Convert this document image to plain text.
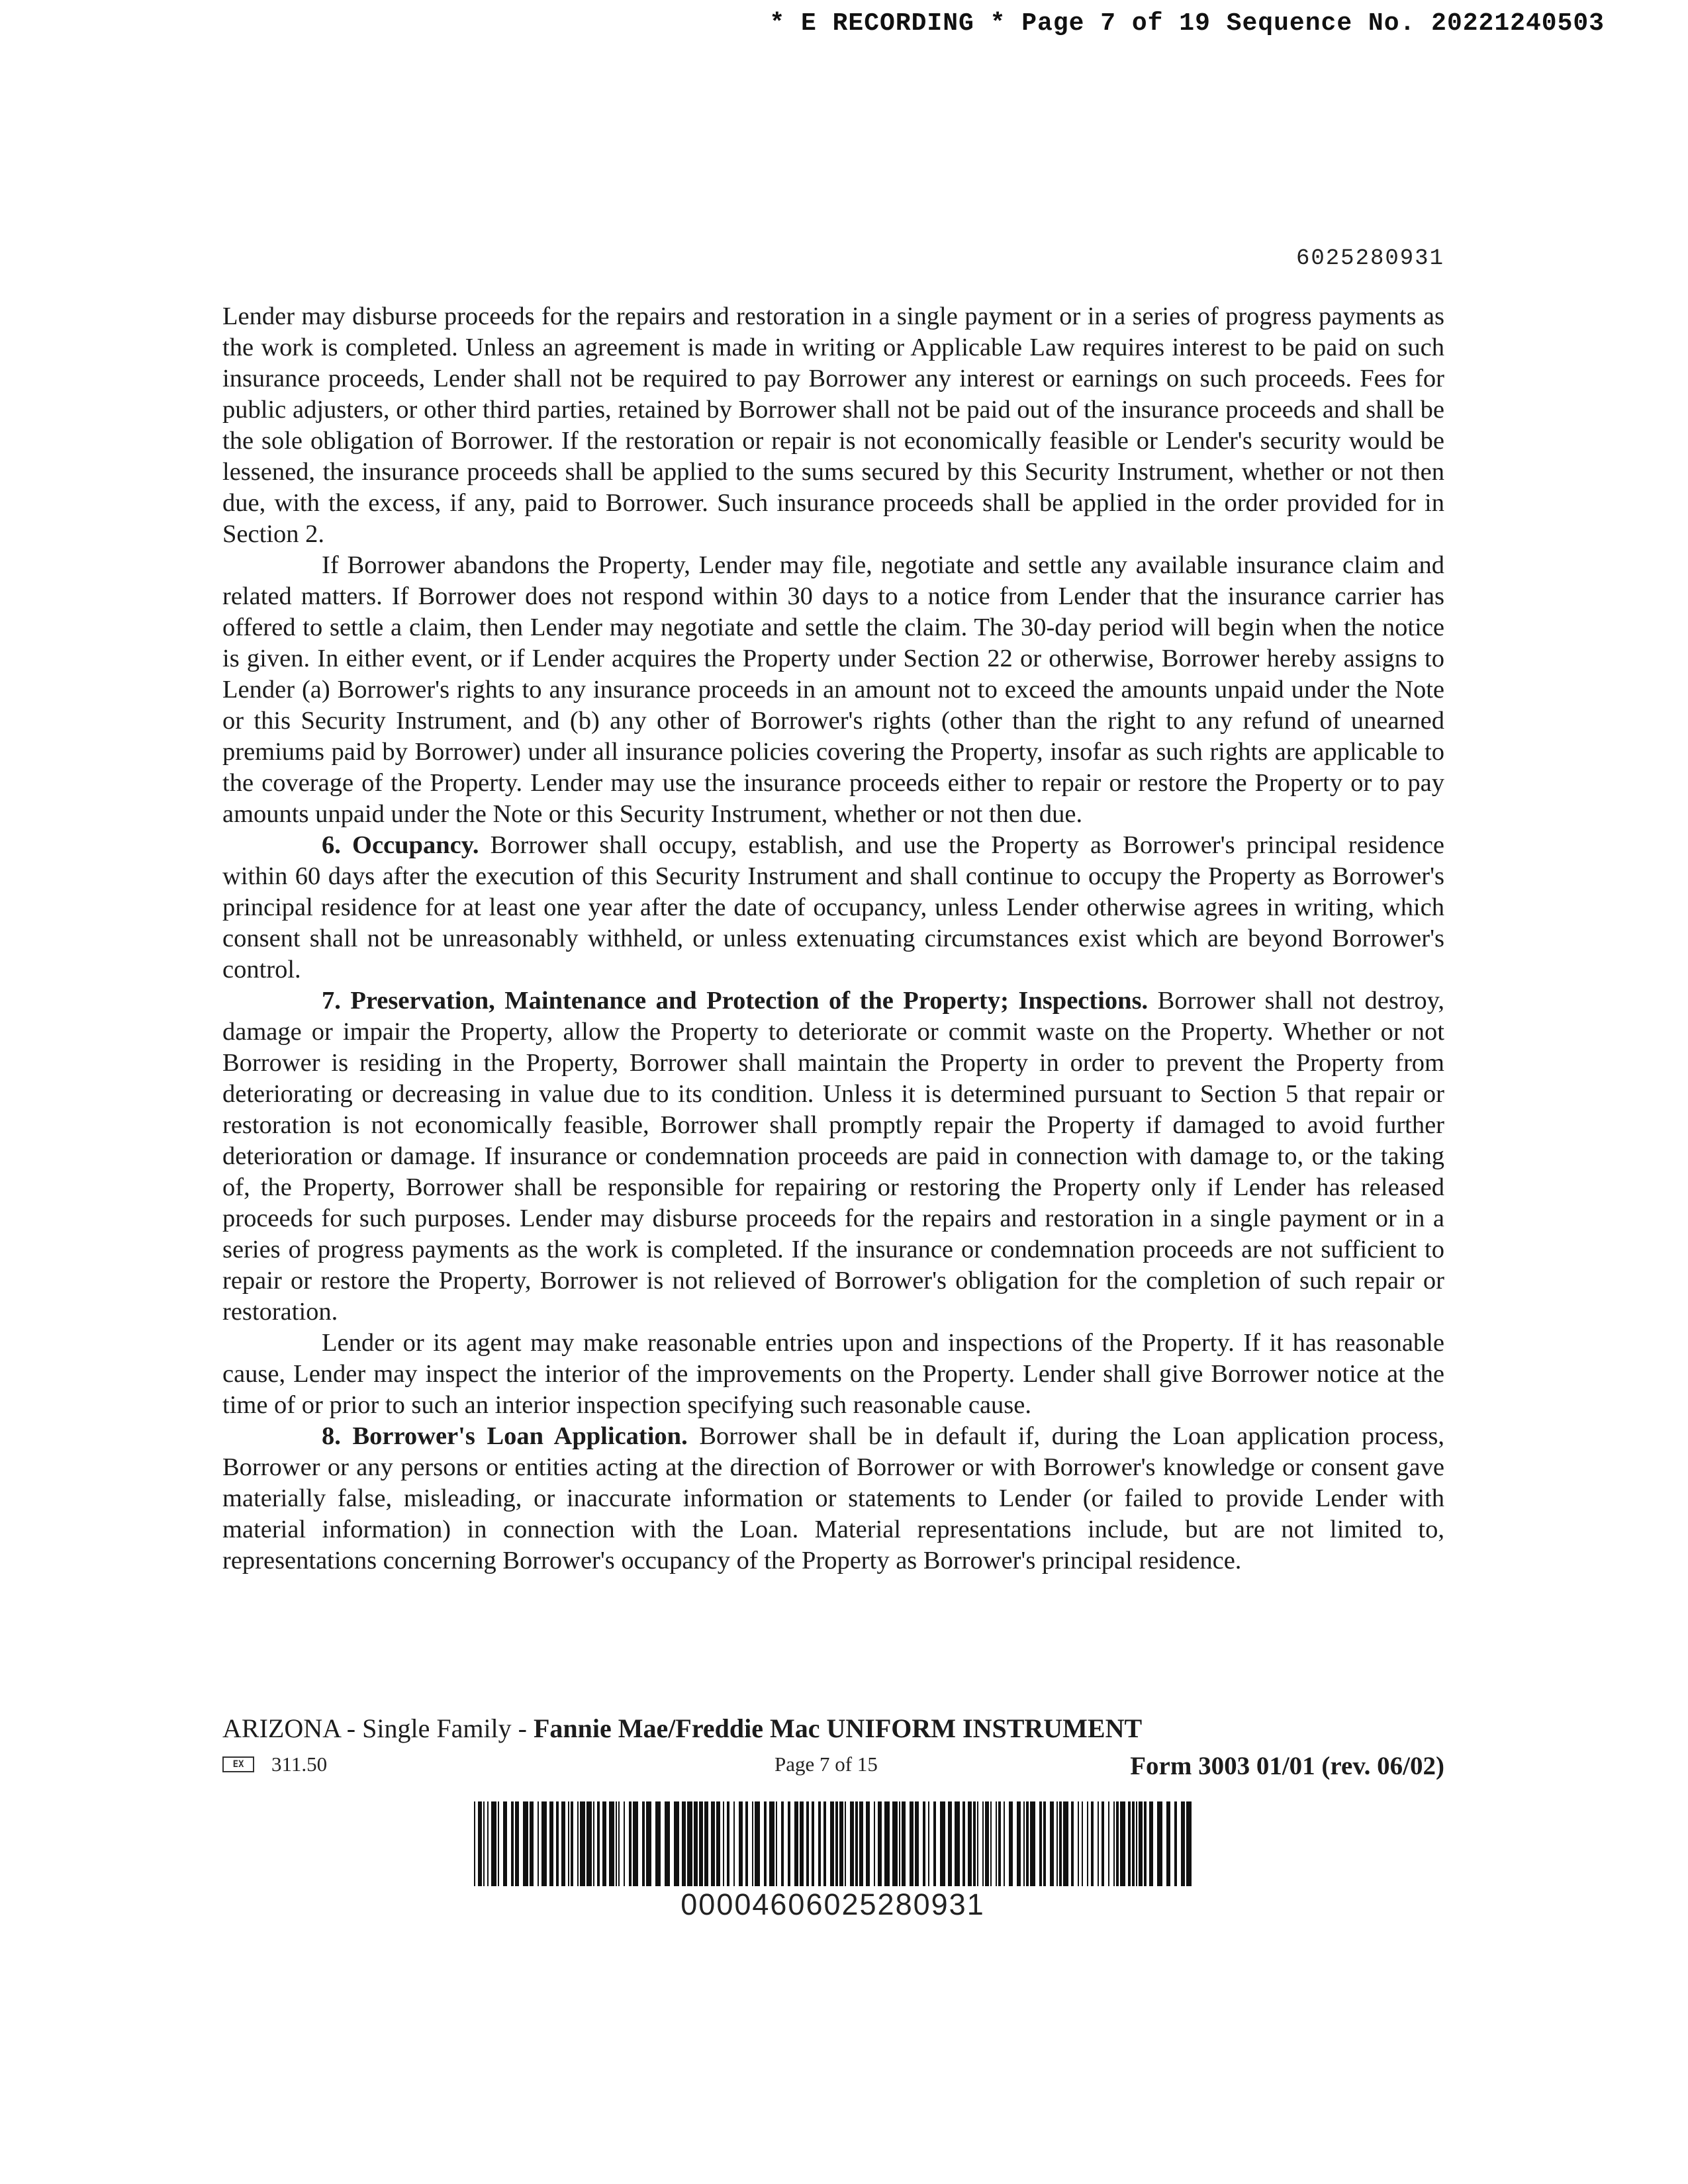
* E RECORDING * Page 7 of 19 Sequence No. 20221240503
6025280931

Lender may disburse proceeds for the repairs and restoration in a single payment or in a series of progress payments as the work is completed. Unless an agreement is made in writing or Applicable Law requires interest to be paid on such insurance proceeds, Lender shall not be required to pay Borrower any interest or earnings on such proceeds. Fees for public adjusters, or other third parties, retained by Borrower shall not be paid out of the insurance proceeds and shall be the sole obligation of Borrower. If the restoration or repair is not economically feasible or Lender's security would be lessened, the insurance proceeds shall be applied to the sums secured by this Security Instrument, whether or not then due, with the excess, if any, paid to Borrower. Such insurance proceeds shall be applied in the order provided for in Section 2.

If Borrower abandons the Property, Lender may file, negotiate and settle any available insurance claim and related matters. If Borrower does not respond within 30 days to a notice from Lender that the insurance carrier has offered to settle a claim, then Lender may negotiate and settle the claim. The 30-day period will begin when the notice is given. In either event, or if Lender acquires the Property under Section 22 or otherwise, Borrower hereby assigns to Lender (a) Borrower's rights to any insurance proceeds in an amount not to exceed the amounts unpaid under the Note or this Security Instrument, and (b) any other of Borrower's rights (other than the right to any refund of unearned premiums paid by Borrower) under all insurance policies covering the Property, insofar as such rights are applicable to the coverage of the Property. Lender may use the insurance proceeds either to repair or restore the Property or to pay amounts unpaid under the Note or this Security Instrument, whether or not then due.

6. Occupancy. Borrower shall occupy, establish, and use the Property as Borrower's principal residence within 60 days after the execution of this Security Instrument and shall continue to occupy the Property as Borrower's principal residence for at least one year after the date of occupancy, unless Lender otherwise agrees in writing, which consent shall not be unreasonably withheld, or unless extenuating circumstances exist which are beyond Borrower's control.

7. Preservation, Maintenance and Protection of the Property; Inspections. Borrower shall not destroy, damage or impair the Property, allow the Property to deteriorate or commit waste on the Property. Whether or not Borrower is residing in the Property, Borrower shall maintain the Property in order to prevent the Property from deteriorating or decreasing in value due to its condition. Unless it is determined pursuant to Section 5 that repair or restoration is not economically feasible, Borrower shall promptly repair the Property if damaged to avoid further deterioration or damage. If insurance or condemnation proceeds are paid in connection with damage to, or the taking of, the Property, Borrower shall be responsible for repairing or restoring the Property only if Lender has released proceeds for such purposes. Lender may disburse proceeds for the repairs and restoration in a single payment or in a series of progress payments as the work is completed. If the insurance or condemnation proceeds are not sufficient to repair or restore the Property, Borrower is not relieved of Borrower's obligation for the completion of such repair or restoration.

Lender or its agent may make reasonable entries upon and inspections of the Property. If it has reasonable cause, Lender may inspect the interior of the improvements on the Property. Lender shall give Borrower notice at the time of or prior to such an interior inspection specifying such reasonable cause.

8. Borrower's Loan Application. Borrower shall be in default if, during the Loan application process, Borrower or any persons or entities acting at the direction of Borrower or with Borrower's knowledge or consent gave materially false, misleading, or inaccurate information or statements to Lender (or failed to provide Lender with material information) in connection with the Loan. Material representations include, but are not limited to, representations concerning Borrower's occupancy of the Property as Borrower's principal residence.

ARIZONA - Single Family - Fannie Mae/Freddie Mac UNIFORM INSTRUMENT
EX	311.50	Page 7 of 15	Form 3003 01/01 (rev. 06/02)
00004606025280931
